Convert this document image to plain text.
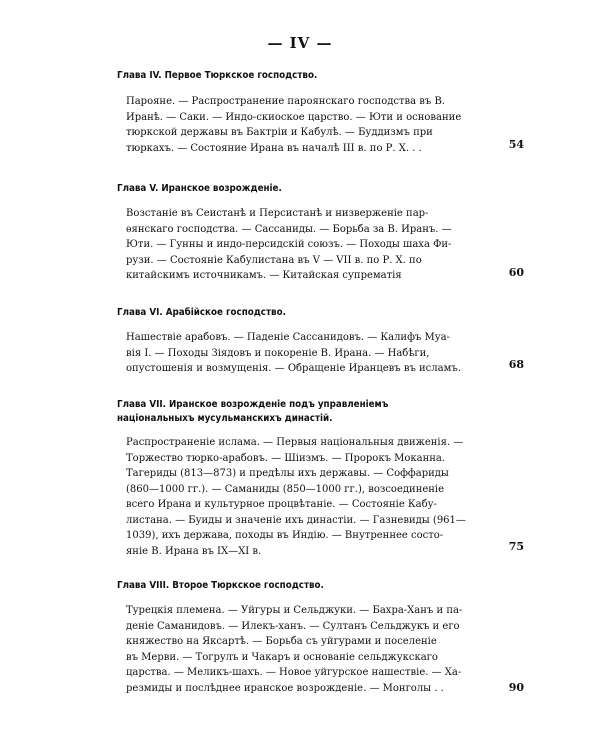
— IV —
Глава IV. Первое Тюркское господство.
Парояне. — Распространение пароянскаго господства въ В.
Иранѣ. — Саки. — Индо-скиоское царство. — Юти и основание
тюркской державы въ Бактріи и Кабулѣ. — Буддизмъ при
тюркахъ. — Состояние Ирана въ началѣ III в. по Р. Х. . .	54
Глава V. Иранское возрожденіе.
Возстаніе въ Сеистанѣ и Персистанѣ и низверженіе пар-
ѳянскаго господства. — Сассаниды. — Борьба за В. Иранъ. —
Юти. — Гунны и индо-персидскій союзъ. — Походы шаха Фи-
рузи. — Состояніе Кабулистана въ V — VII в. по Р. Х. по
китайскимъ источникамъ. — Китайская супрематія	60
Глава VI. Арабійское господство.
Нашествіе арабовъ. — Паденіе Сассанидовъ. — Калифъ Муа-
вія I. — Походы Зіядовъ и покореніе В. Ирана. — Набѣги,
опустошенія и возмущенія. — Обращеніе Иранцевъ въ исламъ.	68
Глава VII. Иранское возрожденіе подъ управленіемъ національныхъ мусульманскихъ династій.
Распространеніе ислама. — Первыя національныя движенія. —
Торжество тюрко-арабовъ. — Шіизмъ. — Пророкъ Моканна.
Тагериды (813—873) и предѣлы ихъ державы. — Соффариды
(860—1000 гг.). — Саманиды (850—1000 гг.), возсоединеніе
всего Ирана и культурное процвѣтаніе. — Состояніе Кабу-
листана. — Буиды и значеніе ихъ династіи. — Газневиды (961—
1039), ихъ держава, походы въ Индію. — Внутреннее состо-
яніе В. Ирана въ IX—XI в.	75
Глава VIII. Второе Тюркское господство.
Турецкія племена. — Уйгуры и Сельджуки. — Бахра-Ханъ и па-
деніе Саманидовъ. — Илекъ-ханъ. — Султанъ Сельджукъ и его
княжество на Яксартѣ. — Борьба съ уйгурами и поселеніе
въ Мерви. — Тогрулъ и Чакаръ и основаніе сельджукскаго
царства. — Меликъ-шахъ. — Новое уйгурское нашествіе. — Ха-
резмиды и послѣднее иранское возрожденіе. — Монголы . .	90
